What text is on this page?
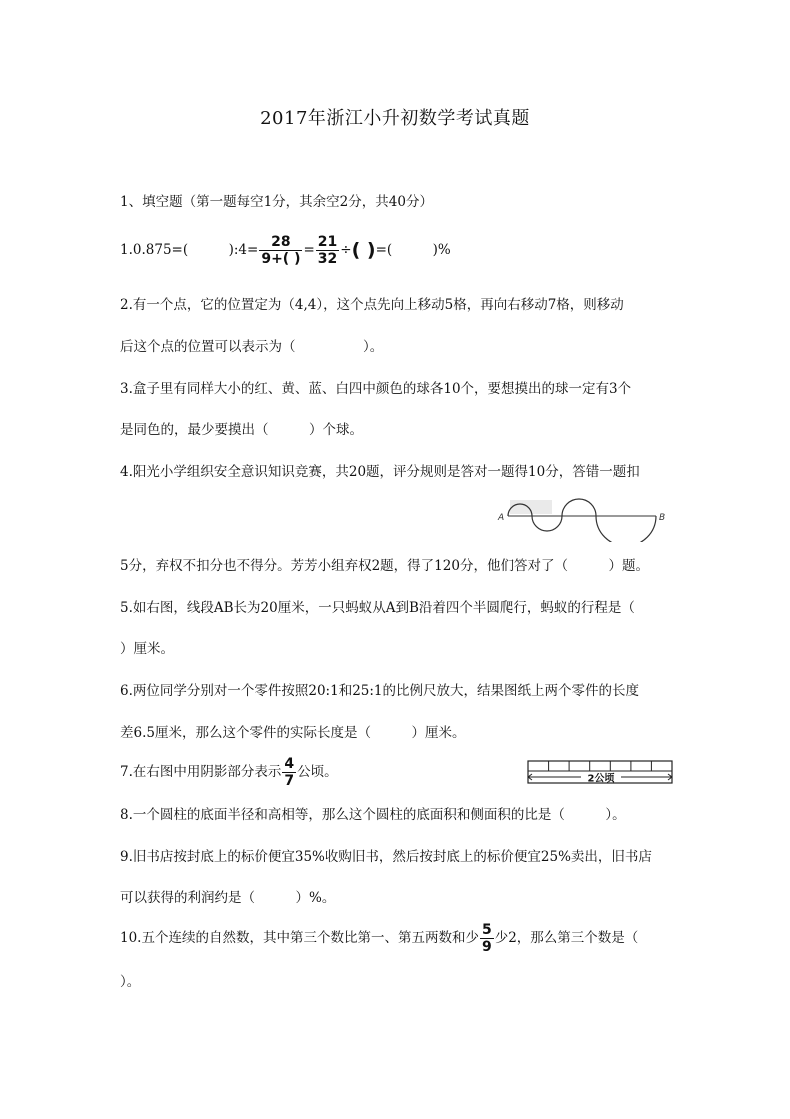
2017年浙江小升初数学考试真题
1、填空题（第一题每空1分，其余空2分，共40分）
1.0.875=(　　　):4= $\frac{28}{9+( )} = \frac{21}{32}$ ÷ ( ) =(　　　)%
2.有一个点，它的位置定为（4,4），这个点先向上移动5格，再向右移动7格，则移动
后这个点的位置可以表示为（　　　　　）。
3.盒子里有同样大小的红、黄、蓝、白四中颜色的球各10个，要想摸出的球一定有3个
是同色的，最少要摸出（　　　）个球。
4.阳光小学组织安全意识知识竞赛，共20题，评分规则是答对一题得10分，答错一题扣
A	B
5分，弃权不扣分也不得分。芳芳小组弃权2题，得了120分，他们答对了（　　　）题。
5.如右图，线段AB长为20厘米，一只蚂蚁从A到B沿着四个半圆爬行，蚂蚁的行程是（
）厘米。
6.两位同学分别对一个零件按照20:1和25:1的比例尺放大，结果图纸上两个零件的长度
差6.5厘米，那么这个零件的实际长度是（　　　）厘米。
7.在右图中用阴影部分表示 $\frac{4}{7}$ 公顷。	2公顷
8.一个圆柱的底面半径和高相等，那么这个圆柱的底面积和侧面积的比是（　　　）。
9.旧书店按封底上的标价便宜35%收购旧书，然后按封底上的标价便宜25%卖出，旧书店
可以获得的利润约是（　　　）%。
10.五个连续的自然数，其中第三个数比第一、第五两数和少 $\frac{5}{9}$ 少2，那么第三个数是（
）。
